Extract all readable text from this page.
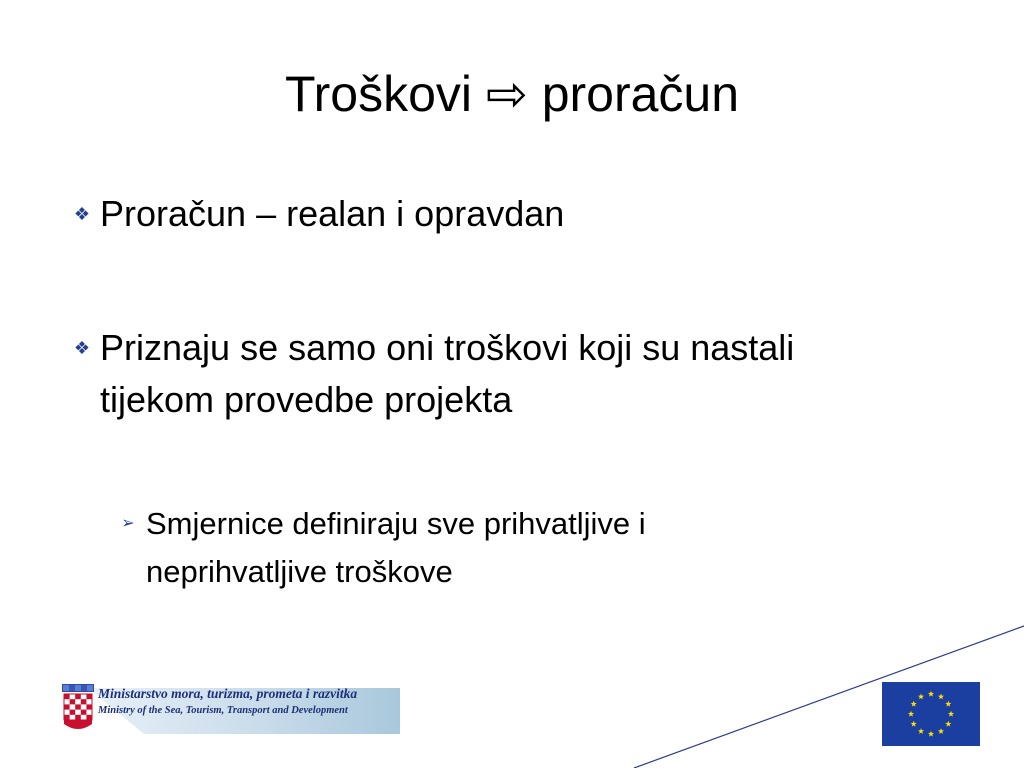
Troškovi ⇨ proračun
❖ Proračun – realan i opravdan
❖ Priznaju se samo oni troškovi koji su nastali tijekom provedbe projekta
➢ Smjernice definiraju sve prihvatljive i neprihvatljive troškove
Ministarstvo mora, turizma, prometa i razvitka
Ministry of the Sea, Tourism, Transport and Development
